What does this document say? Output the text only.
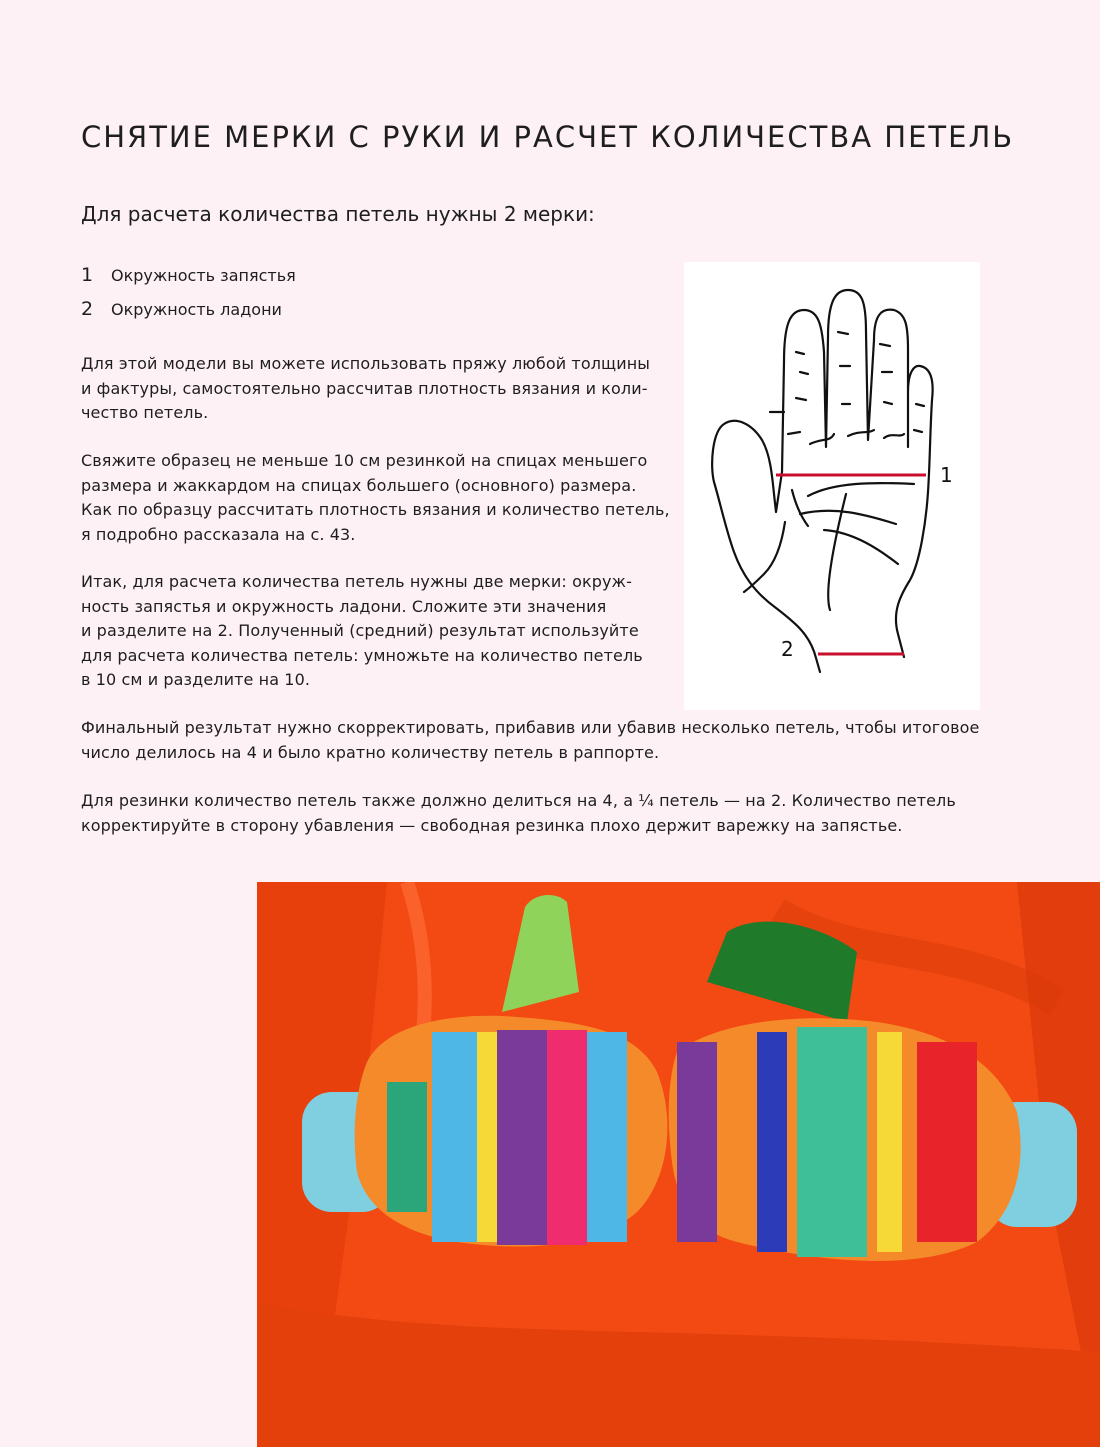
СНЯТИЕ МЕРКИ С РУКИ И РАСЧЕТ КОЛИЧЕСТВА ПЕТЕЛЬ
Для расчета количества петель нужны 2 мерки:
1	Окружность запястья
2	Окружность ладони

Для этой модели вы можете использовать пряжу любой толщины
и фактуры, самостоятельно рассчитав плотность вязания и коли-
чество петель.

Свяжите образец не меньше 10 см резинкой на спицах меньшего
размера и жаккардом на спицах большего (основного) размера.
Как по образцу рассчитать плотность вязания и количество петель,
я подробно рассказала на с. 43.

Итак, для расчета количества петель нужны две мерки: окруж-
ность запястья и окружность ладони. Сложите эти значения
и разделите на 2. Полученный (средний) результат используйте
для расчета количества петель: умножьте на количество петель
в 10 см и разделите на 10.

Финальный результат нужно скорректировать, прибавив или убавив несколько петель, чтобы итоговое
число делилось на 4 и было кратно количеству петель в раппорте.

Для резинки количество петель также должно делиться на 4, а ¼ петель — на 2. Количество петель
корректируйте в сторону убавления — свободная резинка плохо держит варежку на запястье.

1
2
